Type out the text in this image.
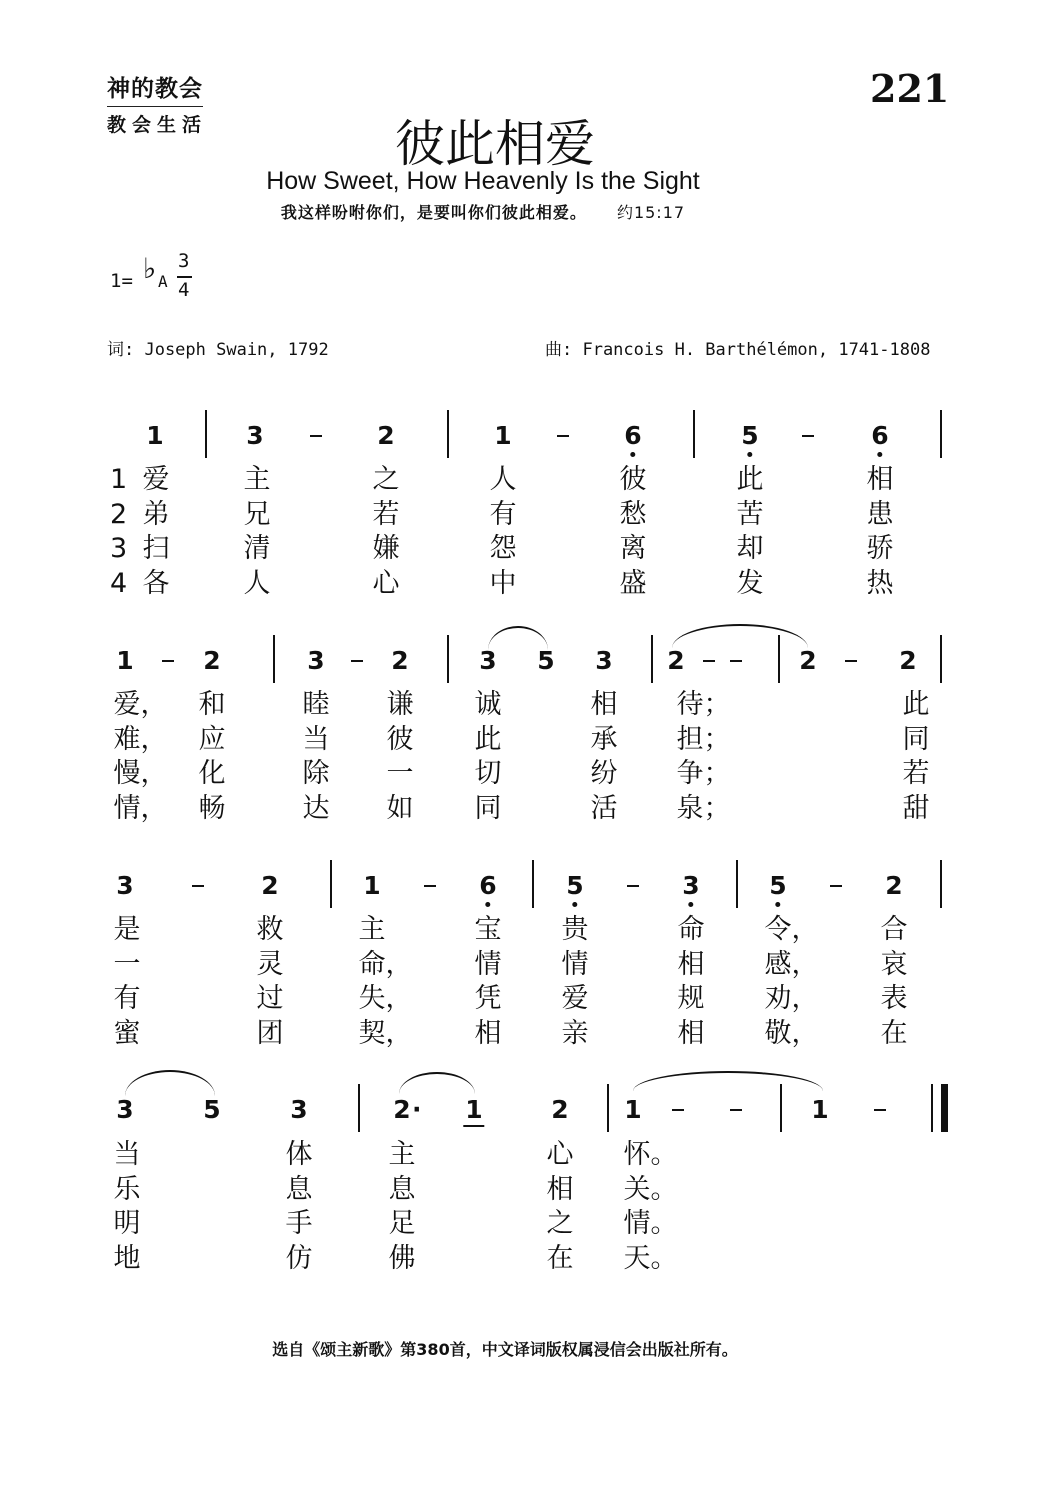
神的教会
教会生活
221
彼此相爱
How Sweet, How Heavenly Is the Sight
我这样吩咐你们，是要叫你们彼此相爱。 约15:17
1= ♭ A
3
4
词: Joseph Swain, 1792	曲: Francois H. Barthélémon, 1741-1808
1	3	2	1	6	5	6
1 爱	主	之	人	彼	此	相
2 弟	兄	若	有	愁	苦	患
3 扫	清	嫌	怨	离	却	骄
4 各	人	心	中	盛	发	热
1	2	3	2	3 5 3 2	2	2
爱， 和	睦 谦 诚	相 待；	此
难， 应	当 彼 此	承 担；	同
慢， 化	除 一 切	纷 争；	若
情， 畅	达 如 同	活 泉；	甜
3	2	1	6	5	3	5	2
是	救	主	宝 贵	命 令， 合
一	灵	命， 情 情	相 感， 哀
有	过	失， 凭 爱	规 劝， 表
蜜	团	契， 相 亲	相 敬， 在
3	5	3	2 · 1	2 1	1
当	体	主	心 怀。
乐	息	息	相 关。
明	手	足	之 情。
地	仿	佛	在 天。
选自《颂主新歌》第380首，中文译词版权属浸信会出版社所有。
